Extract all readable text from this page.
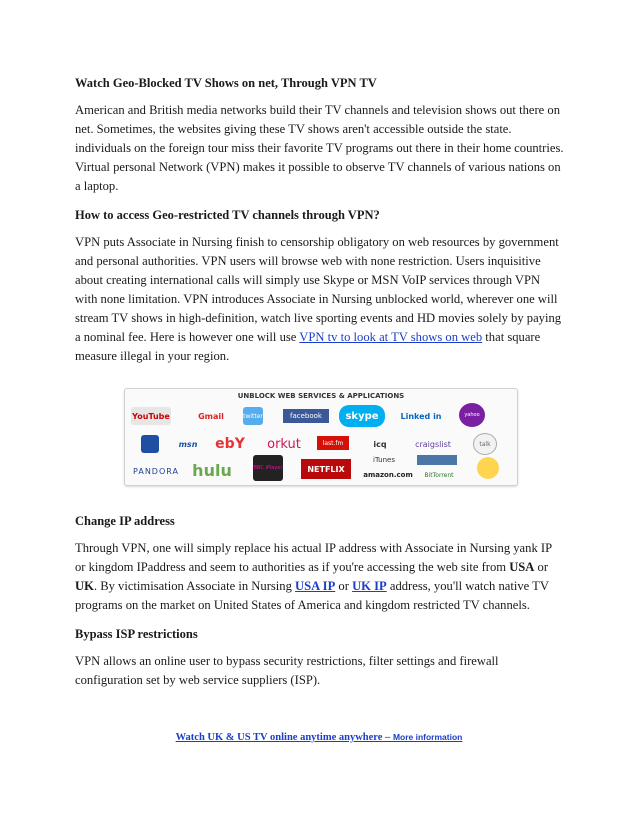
Watch Geo-Blocked TV Shows on net, Through VPN TV

American and British media networks build their TV channels and television shows out there on net. Sometimes, the websites giving these TV shows aren't accessible outside the state. individuals on the foreign tour miss their favorite TV programs out there in their home countries. Virtual personal Network (VPN) makes it possible to observe TV channels of various nations on a laptop.

How to access Geo-restricted TV channels through VPN?

VPN puts Associate in Nursing finish to censorship obligatory on web resources by government and personal authorities. VPN users will browse web with none restriction. Users inquisitive about creating international calls will simply use Skype or MSN VoIP services through VPN with none limitation. VPN introduces Associate in Nursing unblocked world, wherever one will stream TV shows in high-definition, watch live sporting events and HD movies solely by paying a nominal fee. Here is however one will use VPN tv to look at TV shows on web that square measure illegal in your region.

UNBLOCK WEB SERVICES & APPLICATIONS
YouTube	Gmail	twitter	facebook	skype	Linked in	yahoo
msn	ebY	orkut	last.fm	icq	craigslist	talk
PANDORA hulu	BBC iPlayer	NETFLIX
iTunes
amazon.com	BitTorrent
Change IP address

Through VPN, one will simply replace his actual IP address with Associate in Nursing yank IP or kingdom IPaddress and seem to authorities as if you're accessing the web site from USA or UK. By victimisation Associate in Nursing USA IP or UK IP address, you'll watch native TV programs on the market on United States of America and kingdom restricted TV channels.

Bypass ISP restrictions

VPN allows an online user to bypass security restrictions, filter settings and firewall configuration set by web service suppliers (ISP).

Watch UK & US TV online anytime anywhere – More information
